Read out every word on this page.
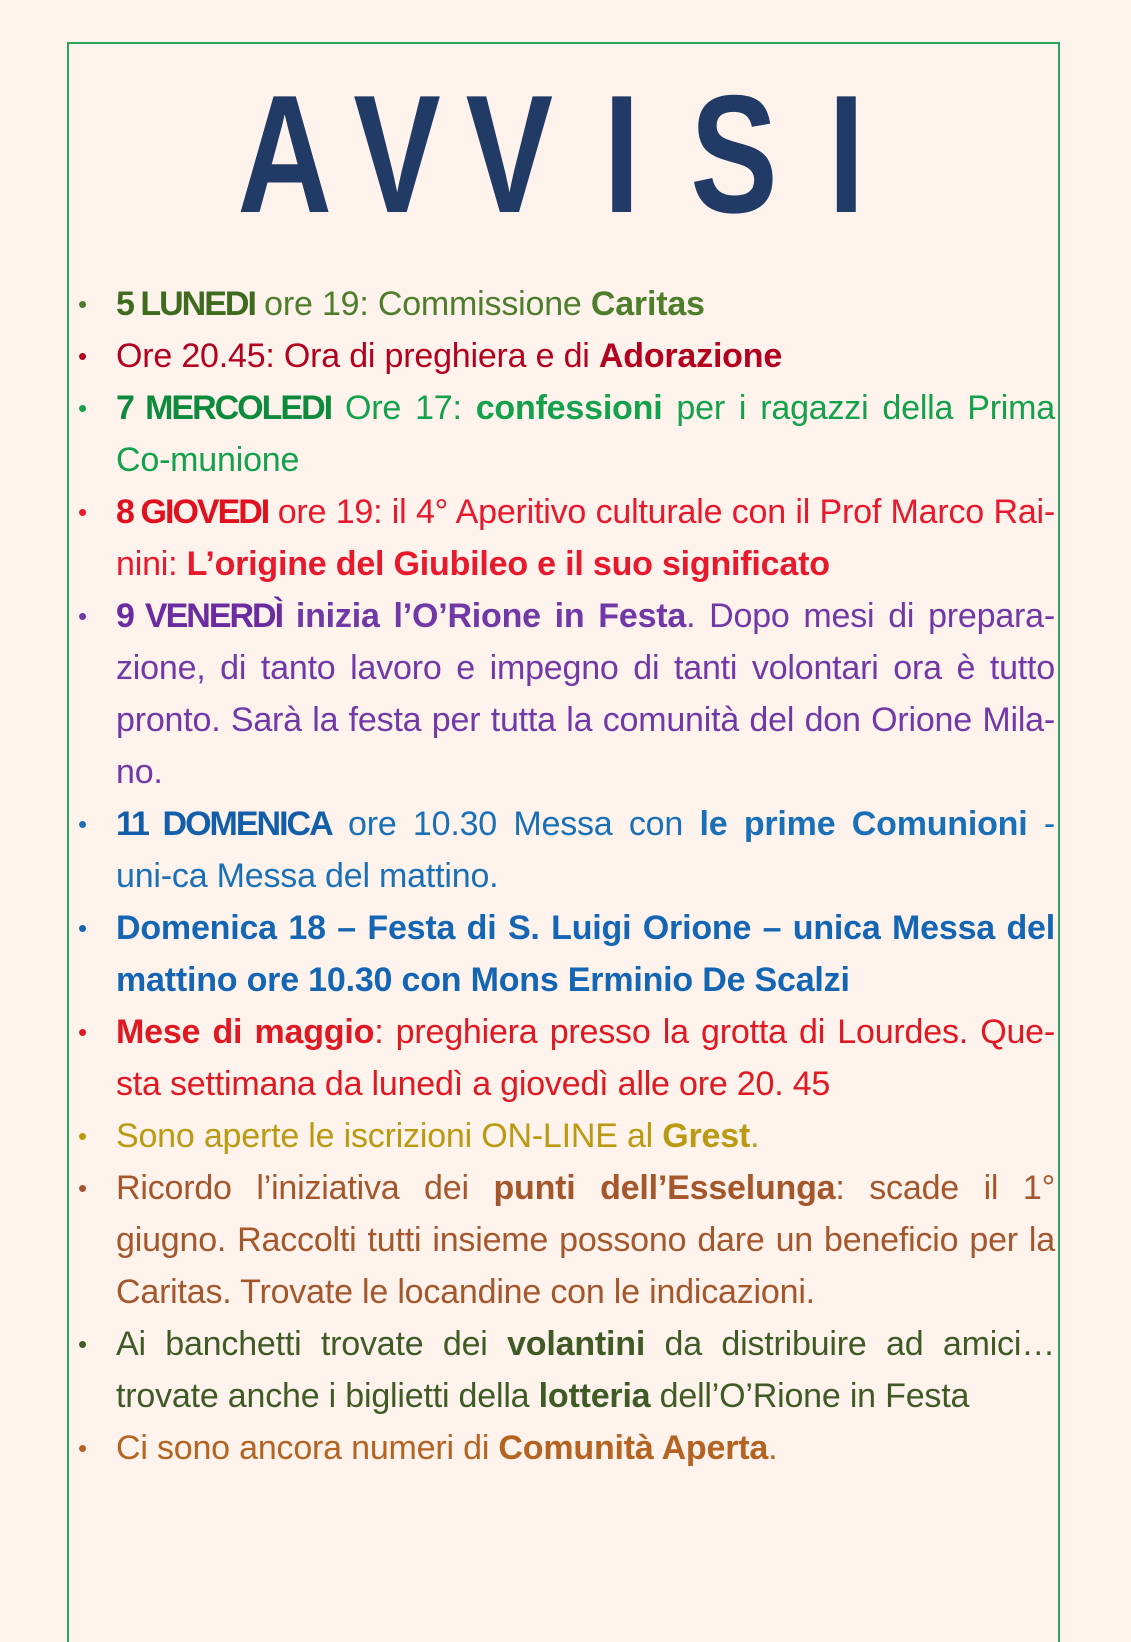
A V V I S I
• 5 LUNEDI ore 19: Commissione Caritas
• Ore 20.45: Ora di preghiera e di Adorazione
• 7 MERCOLEDI Ore 17: confessioni per i ragazzi della Prima Co-munione
• 8 GIOVEDI ore 19: il 4° Aperitivo culturale con il Prof Marco Rai-nini: L’origine del Giubileo e il suo significato
• 9 VENERDÌ inizia l’O’Rione in Festa. Dopo mesi di prepara-zione, di tanto lavoro e impegno di tanti volontari ora è tutto pronto. Sarà la festa per tutta la comunità del don Orione Mila-no.
• 11 DOMENICA ore 10.30 Messa con le prime Comunioni - uni-ca Messa del mattino.
• Domenica 18 – Festa di S. Luigi Orione – unica Messa del mattino ore 10.30 con Mons Erminio De Scalzi
• Mese di maggio: preghiera presso la grotta di Lourdes. Que-sta settimana da lunedì a giovedì alle ore 20. 45
• Sono aperte le iscrizioni ON-LINE al Grest.
• Ricordo l’iniziativa dei punti dell’Esselunga: scade il 1° giugno. Raccolti tutti insieme possono dare un beneficio per la Caritas. Trovate le locandine con le indicazioni.
• Ai banchetti trovate dei volantini da distribuire ad amici… trovate anche i biglietti della lotteria dell’O’Rione in Festa
• Ci sono ancora numeri di Comunità Aperta.
